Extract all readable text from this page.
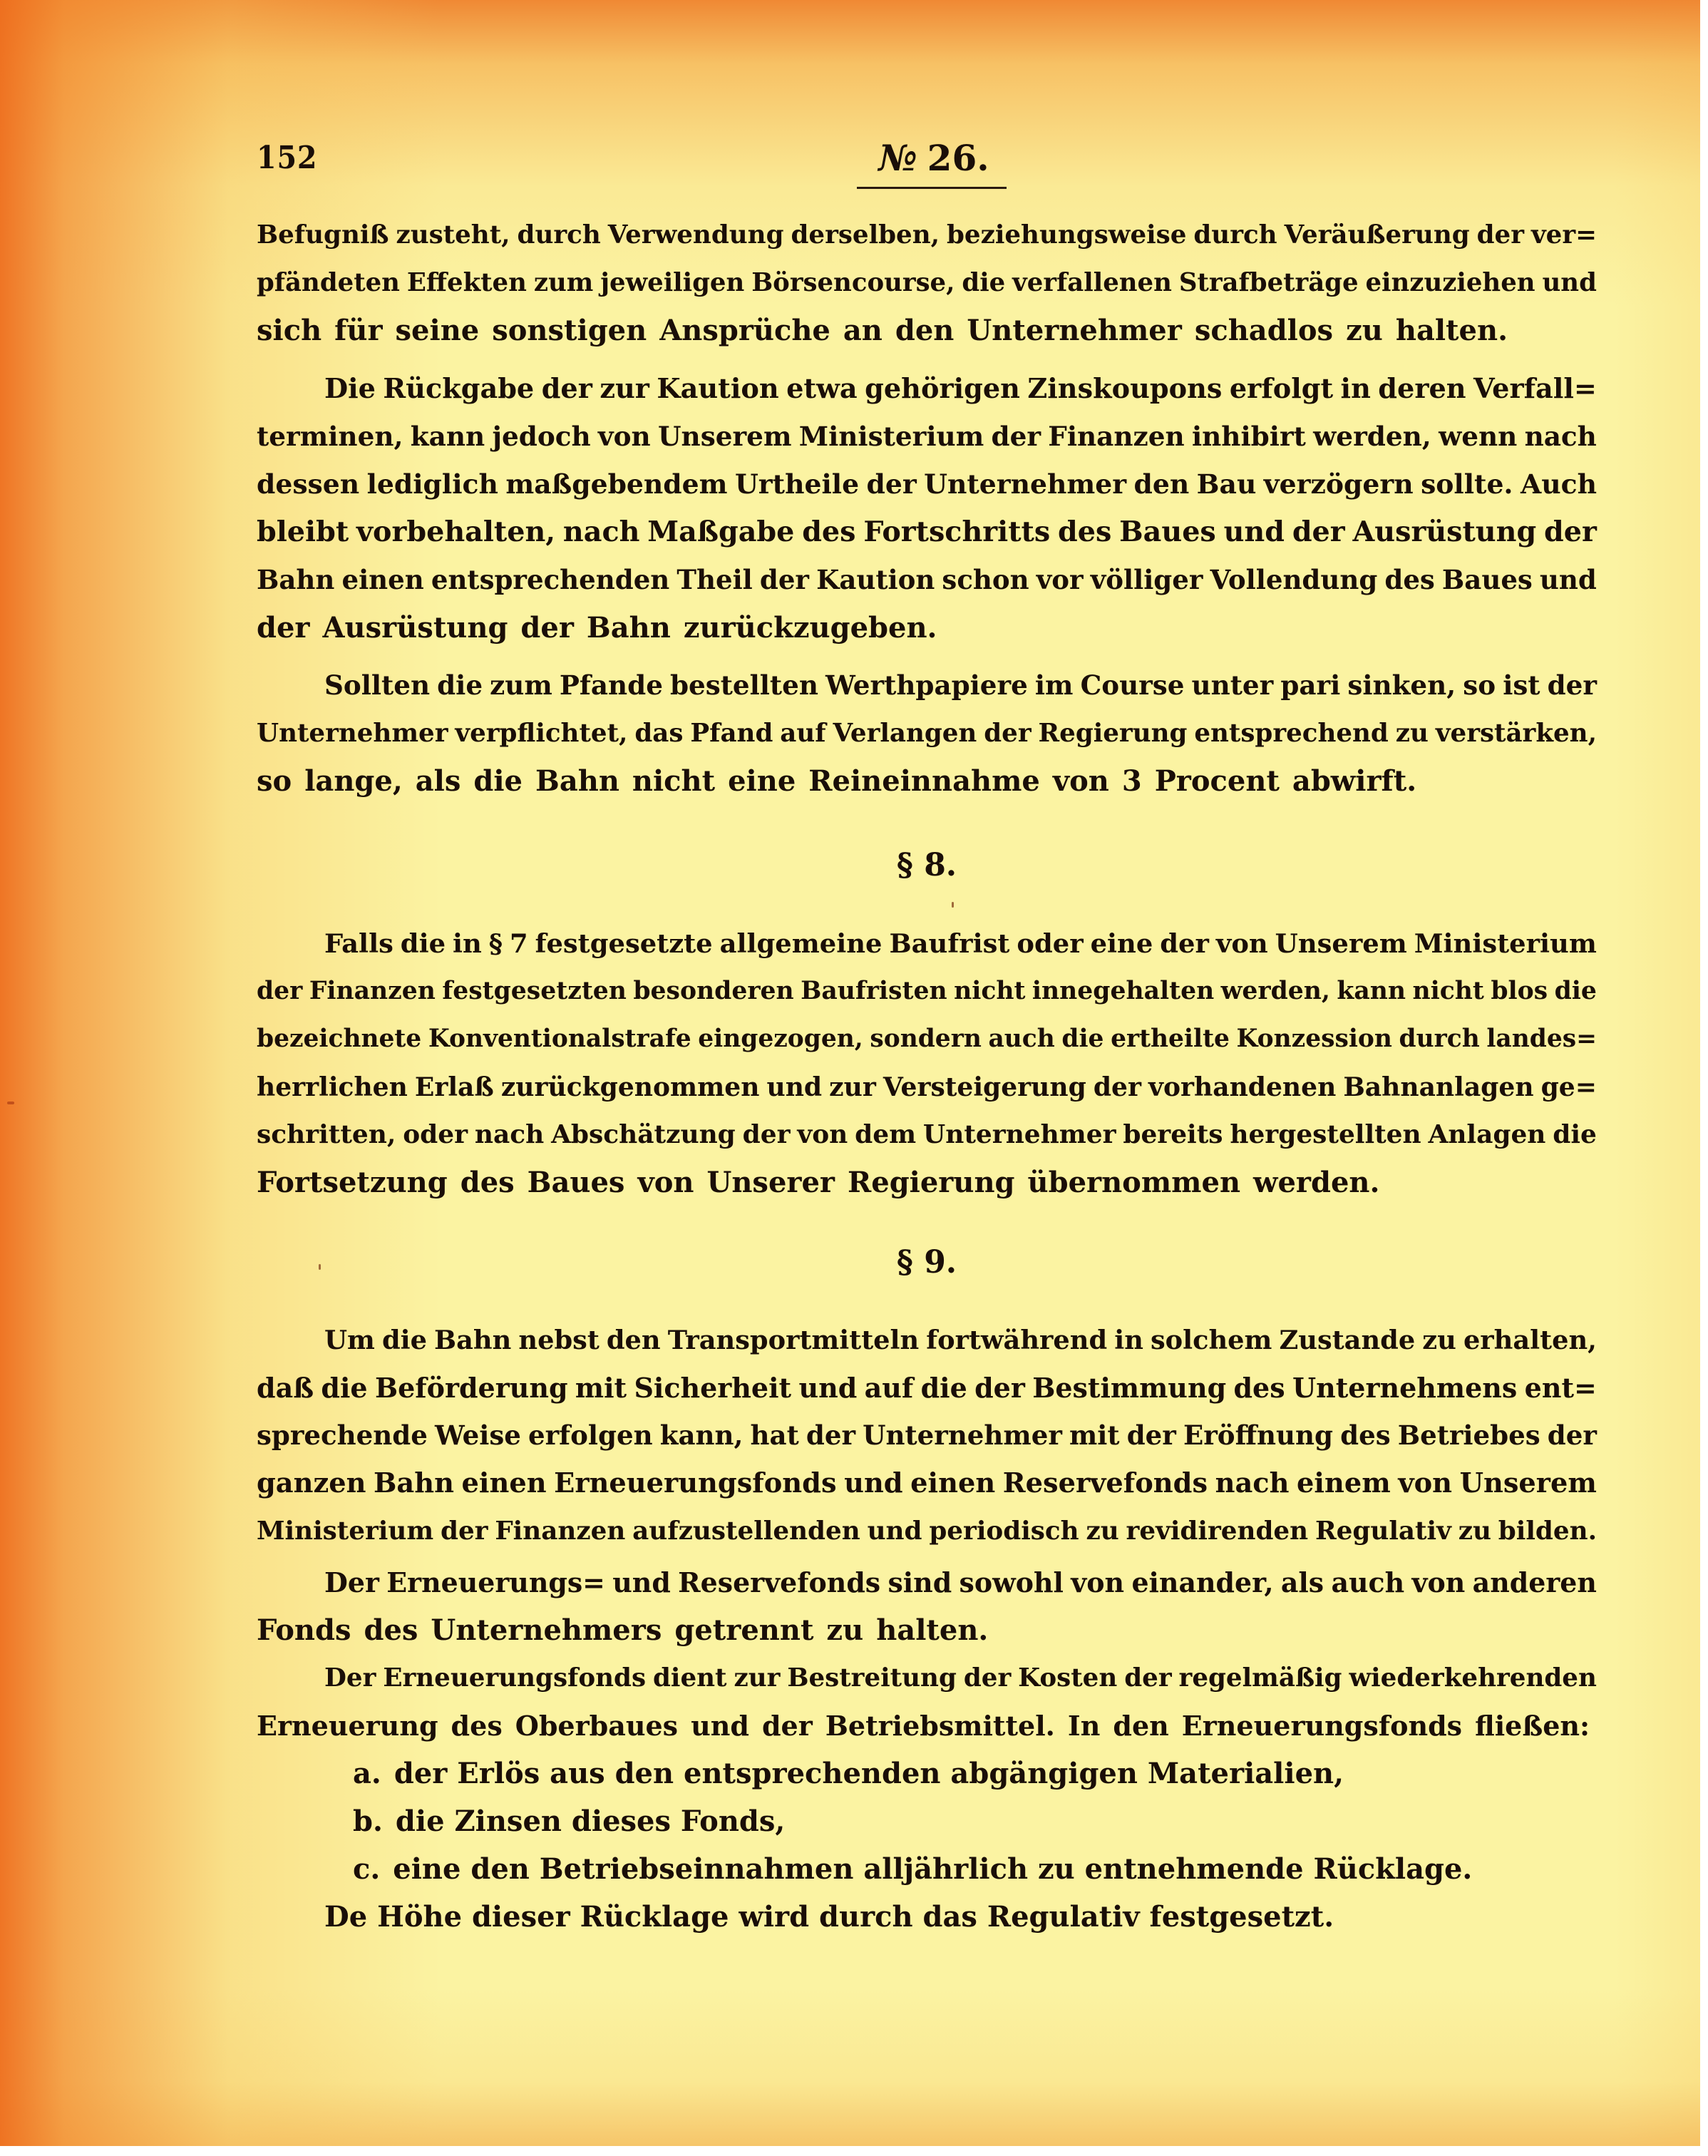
152	№ 26.
Befugniß zusteht, durch Verwendung derselben, beziehungsweise durch Veräußerung der ver=
pfändeten Effekten zum jeweiligen Börsencourse, die verfallenen Strafbeträge einzuziehen und
sich für seine sonstigen Ansprüche an den Unternehmer schadlos zu halten.
Die Rückgabe der zur Kaution etwa gehörigen Zinskoupons erfolgt in deren Verfall=
terminen, kann jedoch von Unserem Ministerium der Finanzen inhibirt werden, wenn nach
dessen lediglich maßgebendem Urtheile der Unternehmer den Bau verzögern sollte. Auch
bleibt vorbehalten, nach Maßgabe des Fortschritts des Baues und der Ausrüstung der
Bahn einen entsprechenden Theil der Kaution schon vor völliger Vollendung des Baues und
der Ausrüstung der Bahn zurückzugeben.
Sollten die zum Pfande bestellten Werthpapiere im Course unter pari sinken, so ist der
Unternehmer verpflichtet, das Pfand auf Verlangen der Regierung entsprechend zu verstärken,
so lange, als die Bahn nicht eine Reineinnahme von 3 Procent abwirft.
§ 8.
Falls die in § 7 festgesetzte allgemeine Baufrist oder eine der von Unserem Ministerium
der Finanzen festgesetzten besonderen Baufristen nicht innegehalten werden, kann nicht blos die
bezeichnete Konventionalstrafe eingezogen, sondern auch die ertheilte Konzession durch landes=
herrlichen Erlaß zurückgenommen und zur Versteigerung der vorhandenen Bahnanlagen ge=
schritten, oder nach Abschätzung der von dem Unternehmer bereits hergestellten Anlagen die
Fortsetzung des Baues von Unserer Regierung übernommen werden.
§ 9.
Um die Bahn nebst den Transportmitteln fortwährend in solchem Zustande zu erhalten,
daß die Beförderung mit Sicherheit und auf die der Bestimmung des Unternehmens ent=
sprechende Weise erfolgen kann, hat der Unternehmer mit der Eröffnung des Betriebes der
ganzen Bahn einen Erneuerungsfonds und einen Reservefonds nach einem von Unserem
Ministerium der Finanzen aufzustellenden und periodisch zu revidirenden Regulativ zu bilden.
Der Erneuerungs= und Reservefonds sind sowohl von einander, als auch von anderen
Fonds des Unternehmers getrennt zu halten.
Der Erneuerungsfonds dient zur Bestreitung der Kosten der regelmäßig wiederkehrenden
Erneuerung des Oberbaues und der Betriebsmittel. In den Erneuerungsfonds fließen:
a. der Erlös aus den entsprechenden abgängigen Materialien,
b. die Zinsen dieses Fonds,
c. eine den Betriebseinnahmen alljährlich zu entnehmende Rücklage.
De Höhe dieser Rücklage wird durch das Regulativ festgesetzt.
